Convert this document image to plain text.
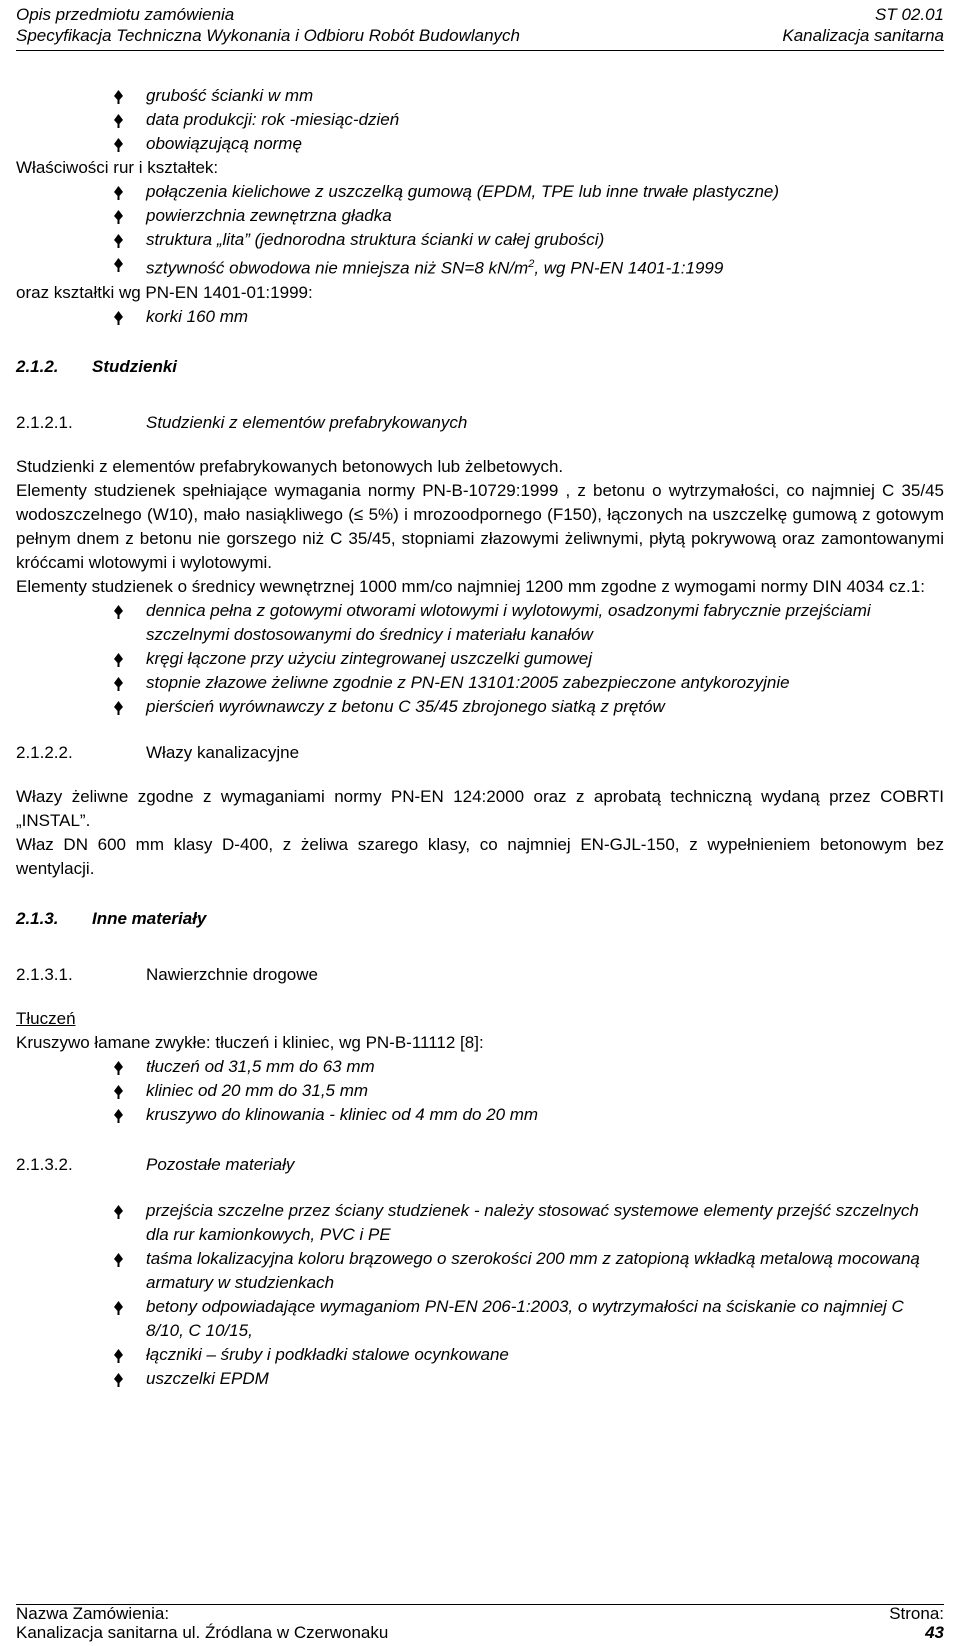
Opis przedmiotu zamówienia	ST 02.01
Specyfikacja Techniczna Wykonania i Odbioru Robót Budowlanych	Kanalizacja sanitarna
grubość ścianki w mm
data produkcji: rok -miesiąc-dzień
obowiązującą normę

Właściwości rur i kształtek:

połączenia kielichowe z uszczelką gumową (EPDM, TPE lub inne trwałe plastyczne)
powierzchnia zewnętrzna gładka
struktura „lita” (jednorodna struktura ścianki w całej grubości)
sztywność obwodowa nie mniejsza niż SN=8 $kN/m^2$, wg PN-EN 1401-1:1999

oraz kształtki wg PN-EN 1401-01:1999:

korki 160 mm
2.1.2.	Studzienki
2.1.2.1.	Studzienki z elementów prefabrykowanych

Studzienki z elementów prefabrykowanych betonowych lub żelbetowych.

Elementy studzienek spełniające wymagania normy PN-B-10729:1999 , z betonu o wytrzymałości, co najmniej C 35/45 wodoszczelnego (W10), mało nasiąkliwego (≤ 5%) i mrozoodpornego (F150), łączonych na uszczelkę gumową z gotowym pełnym dnem z betonu nie gorszego niż C 35/45, stopniami złazowymi żeliwnymi, płytą pokrywową oraz zamontowanymi króćcami wlotowymi i wylotowymi.

Elementy studzienek o średnicy wewnętrznej 1000 mm/co najmniej 1200 mm zgodne z wymogami normy DIN 4034 cz.1:

dennica pełna z gotowymi otworami wlotowymi i wylotowymi, osadzonymi fabrycznie przejściami szczelnymi dostosowanymi do średnicy i materiału kanałów
kręgi łączone przy użyciu zintegrowanej uszczelki gumowej
stopnie złazowe żeliwne zgodnie z PN-EN 13101:2005 zabezpieczone antykorozyjnie
pierścień wyrównawczy z betonu C 35/45 zbrojonego siatką z prętów
2.1.2.2.	Włazy kanalizacyjne

Włazy żeliwne zgodne z wymaganiami normy PN-EN 124:2000 oraz z aprobatą techniczną wydaną przez COBRTI „INSTAL”.

Właz DN 600 mm klasy D-400, z żeliwa szarego klasy, co najmniej EN-GJL-150, z wypełnieniem betonowym bez wentylacji.

2.1.3.	Inne materiały
2.1.3.1.	Nawierzchnie drogowe

Tłuczeń

Kruszywo łamane zwykłe: tłuczeń i kliniec, wg PN-B-11112 [8]:

tłuczeń od 31,5 mm do 63 mm
kliniec od 20 mm do 31,5 mm
kruszywo do klinowania - kliniec od 4 mm do 20 mm
2.1.3.2.	Pozostałe materiały
przejścia szczelne przez ściany studzienek - należy stosować systemowe elementy przejść szczelnych dla rur kamionkowych, PVC i PE
taśma lokalizacyjna koloru brązowego o szerokości 200 mm z zatopioną wkładką metalową mocowaną armatury w studzienkach
betony odpowiadające wymaganiom PN-EN 206-1:2003, o wytrzymałości na ściskanie co najmniej C 8/10, C 10/15,
łączniki – śruby i podkładki stalowe ocynkowane
uszczelki EPDM
Nazwa Zamówienia:	Strona:
Kanalizacja sanitarna ul. Źródlana w Czerwonaku	43
